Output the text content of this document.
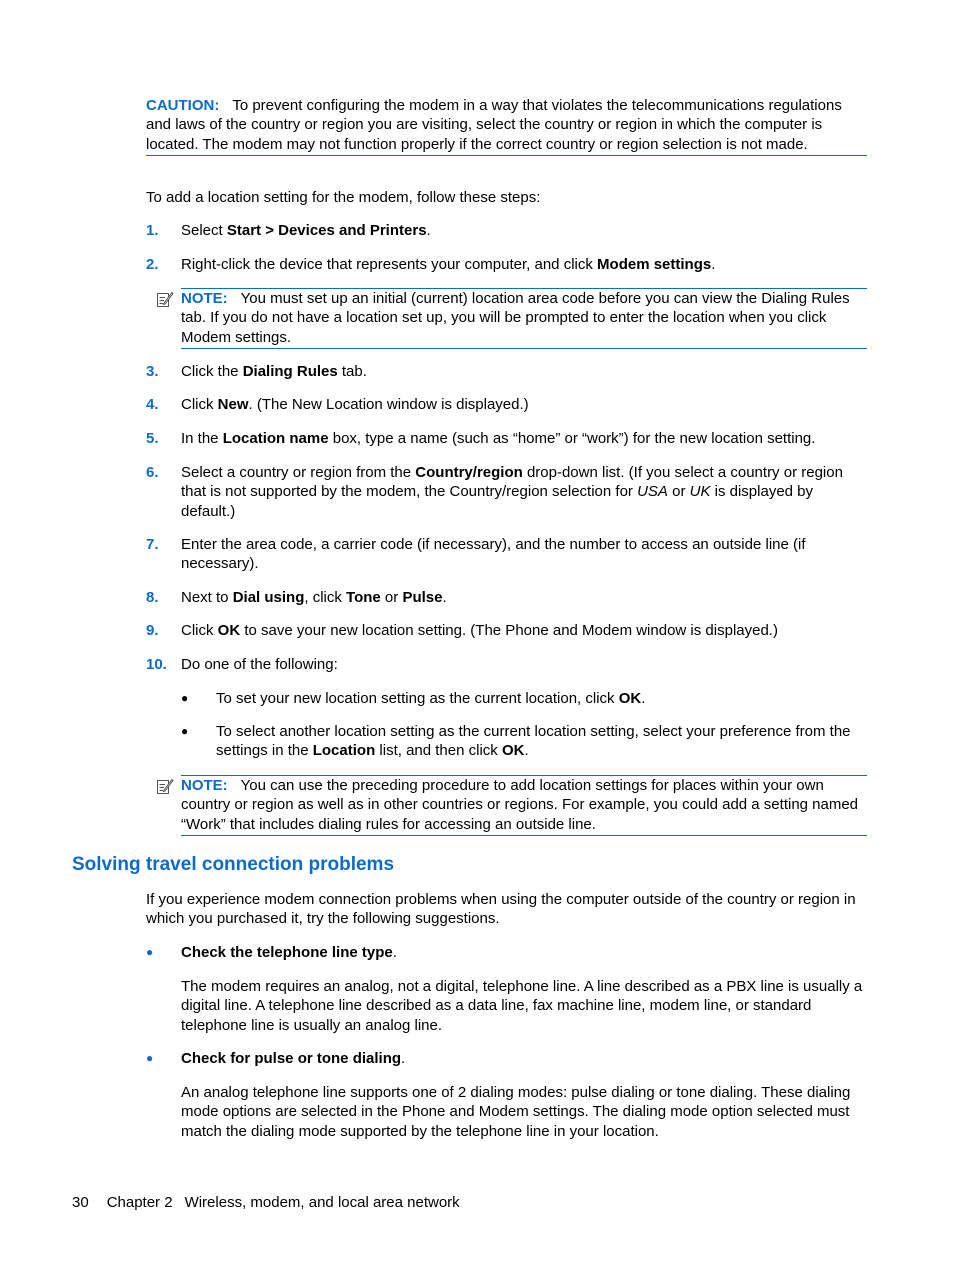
CAUTION: To prevent configuring the modem in a way that violates the telecommunications regulations and laws of the country or region you are visiting, select the country or region in which the computer is located. The modem may not function properly if the correct country or region selection is not made.
To add a location setting for the modem, follow these steps:
1. Select Start > Devices and Printers.
2. Right-click the device that represents your computer, and click Modem settings.
NOTE: You must set up an initial (current) location area code before you can view the Dialing Rules tab. If you do not have a location set up, you will be prompted to enter the location when you click Modem settings.
3. Click the Dialing Rules tab.
4. Click New. (The New Location window is displayed.)
5. In the Location name box, type a name (such as “home” or “work”) for the new location setting.
6. Select a country or region from the Country/region drop-down list. (If you select a country or region that is not supported by the modem, the Country/region selection for USA or UK is displayed by default.)
7. Enter the area code, a carrier code (if necessary), and the number to access an outside line (if necessary).
8. Next to Dial using, click Tone or Pulse.
9. Click OK to save your new location setting. (The Phone and Modem window is displayed.)
10. Do one of the following:
● To set your new location setting as the current location, click OK.
● To select another location setting as the current location setting, select your preference from the settings in the Location list, and then click OK.
NOTE: You can use the preceding procedure to add location settings for places within your own country or region as well as in other countries or regions. For example, you could add a setting named “Work” that includes dialing rules for accessing an outside line.
Solving travel connection problems
If you experience modem connection problems when using the computer outside of the country or region in which you purchased it, try the following suggestions.
● Check the telephone line type.
The modem requires an analog, not a digital, telephone line. A line described as a PBX line is usually a digital line. A telephone line described as a data line, fax machine line, modem line, or standard telephone line is usually an analog line.
● Check for pulse or tone dialing.
An analog telephone line supports one of 2 dialing modes: pulse dialing or tone dialing. These dialing mode options are selected in the Phone and Modem settings. The dialing mode option selected must match the dialing mode supported by the telephone line in your location.
30 Chapter 2 Wireless, modem, and local area network
